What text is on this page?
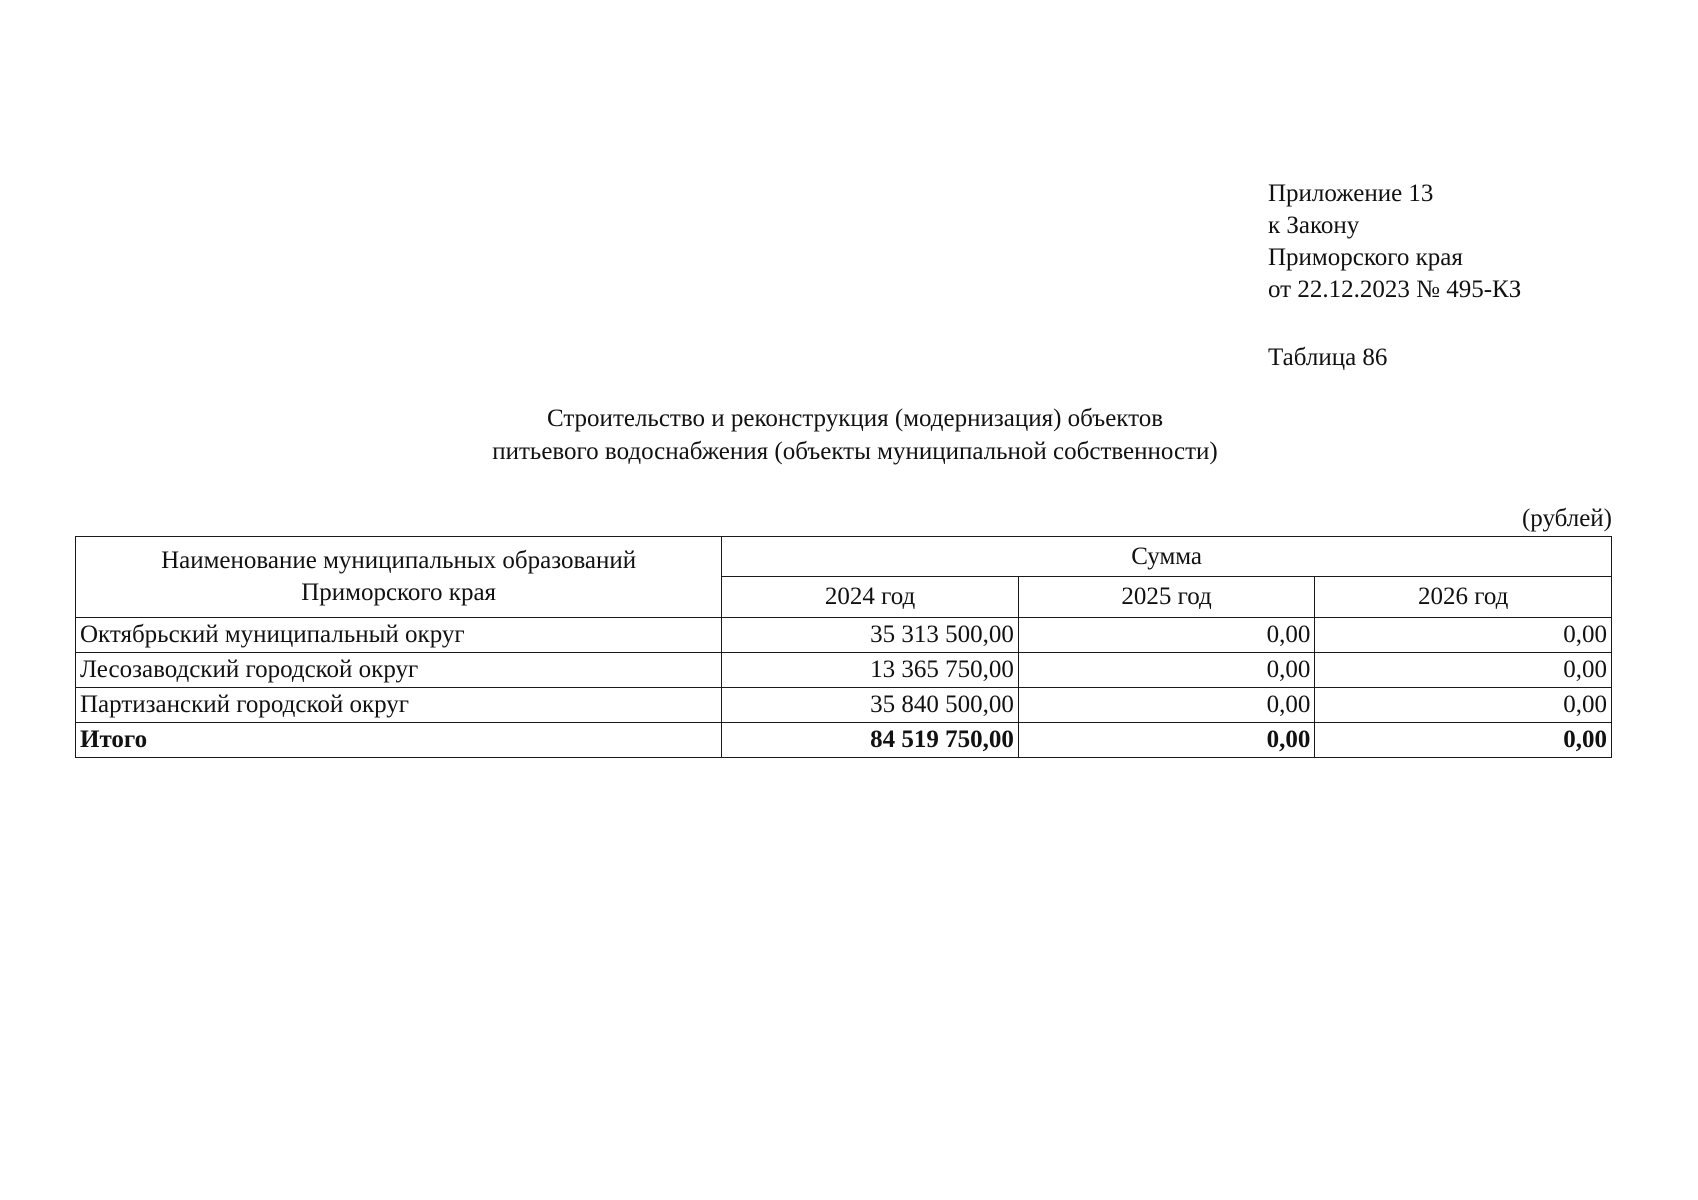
Приложение 13
к Закону
Приморского края
от 22.12.2023 № 495-КЗ
Таблица 86
Строительство и реконструкция (модернизация) объектов
питьевого водоснабжения (объекты муниципальной собственности)
(рублей)
Наименование муниципальных образований
Приморского края	Сумма		
	2024 год	2025 год	2026 год
Октябрьский муниципальный округ	35 313 500,00	0,00	0,00
Лесозаводский городской округ	13 365 750,00	0,00	0,00
Партизанский городской округ	35 840 500,00	0,00	0,00
Итого	84 519 750,00	0,00	0,00
